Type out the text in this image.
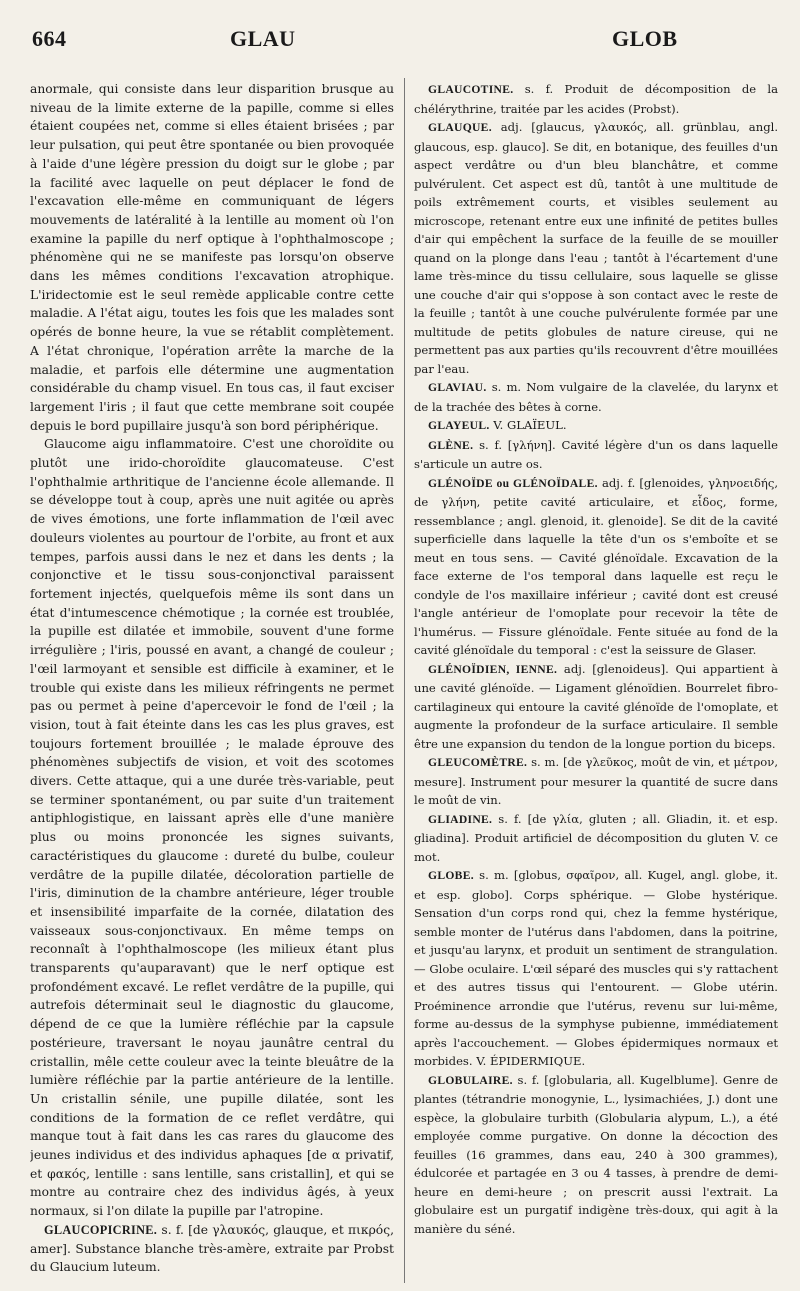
664	GLAU	GLOB

anormale, qui consiste dans leur disparition brusque au niveau de la limite externe de la papille, comme si elles étaient coupées net, comme si elles étaient brisées ; par leur pulsation, qui peut être spontanée ou bien provoquée à l'aide d'une légère pression du doigt sur le globe ; par la facilité avec laquelle on peut déplacer le fond de l'excavation elle-même en communiquant de légers mouvements de latéralité à la lentille au moment où l'on examine la papille du nerf optique à l'ophthalmoscope ; phénomène qui ne se manifeste pas lorsqu'on observe dans les mêmes conditions l'excavation atrophique. L'iridectomie est le seul remède applicable contre cette maladie. A l'état aigu, toutes les fois que les malades sont opérés de bonne heure, la vue se rétablit complètement. A l'état chronique, l'opération arrête la marche de la maladie, et parfois elle détermine une augmentation considérable du champ visuel. En tous cas, il faut exciser largement l'iris ; il faut que cette membrane soit coupée depuis le bord pupillaire jusqu'à son bord périphérique.

Glaucome aigu inflammatoire. C'est une choroïdite ou plutôt une irido-choroïdite glaucomateuse. C'est l'ophthalmie arthritique de l'ancienne école allemande. Il se développe tout à coup, après une nuit agitée ou après de vives émotions, une forte inflammation de l'œil avec douleurs violentes au pourtour de l'orbite, au front et aux tempes, parfois aussi dans le nez et dans les dents ; la conjonctive et le tissu sous-conjonctival paraissent fortement injectés, quelquefois même ils sont dans un état d'intumescence chémotique ; la cornée est troublée, la pupille est dilatée et immobile, souvent d'une forme irrégulière ; l'iris, poussé en avant, a changé de couleur ; l'œil larmoyant et sensible est difficile à examiner, et le trouble qui existe dans les milieux réfringents ne permet pas ou permet à peine d'apercevoir le fond de l'œil ; la vision, tout à fait éteinte dans les cas les plus graves, est toujours fortement brouillée ; le malade éprouve des phénomènes subjectifs de vision, et voit des scotomes divers. Cette attaque, qui a une durée très-variable, peut se terminer spontanément, ou par suite d'un traitement antiphlogistique, en laissant après elle d'une manière plus ou moins prononcée les signes suivants, caractéristiques du glaucome : dureté du bulbe, couleur verdâtre de la pupille dilatée, décoloration partielle de l'iris, diminution de la chambre antérieure, léger trouble et insensibilité imparfaite de la cornée, dilatation des vaisseaux sous-conjonctivaux. En même temps on reconnaît à l'ophthalmoscope (les milieux étant plus transparents qu'auparavant) que le nerf optique est profondément excavé. Le reflet verdâtre de la pupille, qui autrefois déterminait seul le diagnostic du glaucome, dépend de ce que la lumière réfléchie par la capsule postérieure, traversant le noyau jaunâtre central du cristallin, mêle cette couleur avec la teinte bleuâtre de la lumière réfléchie par la partie antérieure de la lentille. Un cristallin sénile, une pupille dilatée, sont les conditions de la formation de ce reflet verdâtre, qui manque tout à fait dans les cas rares du glaucome des jeunes individus et des individus aphaques [de α privatif, et φακός, lentille : sans lentille, sans cristallin], et qui se montre au contraire chez des individus âgés, à yeux normaux, si l'on dilate la pupille par l'atropine.

GLAUCOPICRINE. s. f. [de γλαυκός, glauque, et πικρός, amer]. Substance blanche très-amère, extraite par Probst du Glaucium luteum.

GLAUCOTINE. s. f. Produit de décomposition de la chélérythrine, traitée par les acides (Probst).

GLAUQUE. adj. [glaucus, γλαυκός, all. grünblau, angl. glaucous, esp. glauco]. Se dit, en botanique, des feuilles d'un aspect verdâtre ou d'un bleu blanchâtre, et comme pulvérulent. Cet aspect est dû, tantôt à une multitude de poils extrêmement courts, et visibles seulement au microscope, retenant entre eux une infinité de petites bulles d'air qui empêchent la surface de la feuille de se mouiller quand on la plonge dans l'eau ; tantôt à l'écartement d'une lame très-mince du tissu cellulaire, sous laquelle se glisse une couche d'air qui s'oppose à son contact avec le reste de la feuille ; tantôt à une couche pulvérulente formée par une multitude de petits globules de nature cireuse, qui ne permettent pas aux parties qu'ils recouvrent d'être mouillées par l'eau.

GLAVIAU. s. m. Nom vulgaire de la clavelée, du larynx et de la trachée des bêtes à corne.

GLAYEUL. V. GLAÏEUL.

GLÈNE. s. f. [γλήνη]. Cavité légère d'un os dans laquelle s'articule un autre os.

GLÉNOÏDE ou GLÉNOÏDALE. adj. f. [glenoides, γληνοειδής, de γλήνη, petite cavité articulaire, et εἶδος, forme, ressemblance ; angl. glenoid, it. glenoide]. Se dit de la cavité superficielle dans laquelle la tête d'un os s'emboîte et se meut en tous sens. — Cavité glénoïdale. Excavation de la face externe de l'os temporal dans laquelle est reçu le condyle de l'os maxillaire inférieur ; cavité dont est creusé l'angle antérieur de l'omoplate pour recevoir la tête de l'humérus. — Fissure glénoïdale. Fente située au fond de la cavité glénoïdale du temporal : c'est la seissure de Glaser.

GLÉNOÏDIEN, IENNE. adj. [glenoideus]. Qui appartient à une cavité glénoïde. — Ligament glénoïdien. Bourrelet fibro-cartilagineux qui entoure la cavité glénoïde de l'omoplate, et augmente la profondeur de la surface articulaire. Il semble être une expansion du tendon de la longue portion du biceps.

GLEUCOMÈTRE. s. m. [de γλεῦκος, moût de vin, et μέτρον, mesure]. Instrument pour mesurer la quantité de sucre dans le moût de vin.

GLIADINE. s. f. [de γλία, gluten ; all. Gliadin, it. et esp. gliadina]. Produit artificiel de décomposition du gluten V. ce mot.

GLOBE. s. m. [globus, σφαῖρον, all. Kugel, angl. globe, it. et esp. globo]. Corps sphérique. — Globe hystérique. Sensation d'un corps rond qui, chez la femme hystérique, semble monter de l'utérus dans l'abdomen, dans la poitrine, et jusqu'au larynx, et produit un sentiment de strangulation. — Globe oculaire. L'œil séparé des muscles qui s'y rattachent et des autres tissus qui l'entourent. — Globe utérin. Proéminence arrondie que l'utérus, revenu sur lui-même, forme au-dessus de la symphyse pubienne, immédiatement après l'accouchement. — Globes épidermiques normaux et morbides. V. ÉPIDERMIQUE.

GLOBULAIRE. s. f. [globularia, all. Kugelblume]. Genre de plantes (tétrandrie monogynie, L., lysimachiées, J.) dont une espèce, la globulaire turbith (Globularia alypum, L.), a été employée comme purgative. On donne la décoction des feuilles (16 grammes, dans eau, 240 à 300 grammes), édulcorée et partagée en 3 ou 4 tasses, à prendre de demi-heure en demi-heure ; on prescrit aussi l'extrait. La globulaire est un purgatif indigène très-doux, qui agit à la manière du séné.
